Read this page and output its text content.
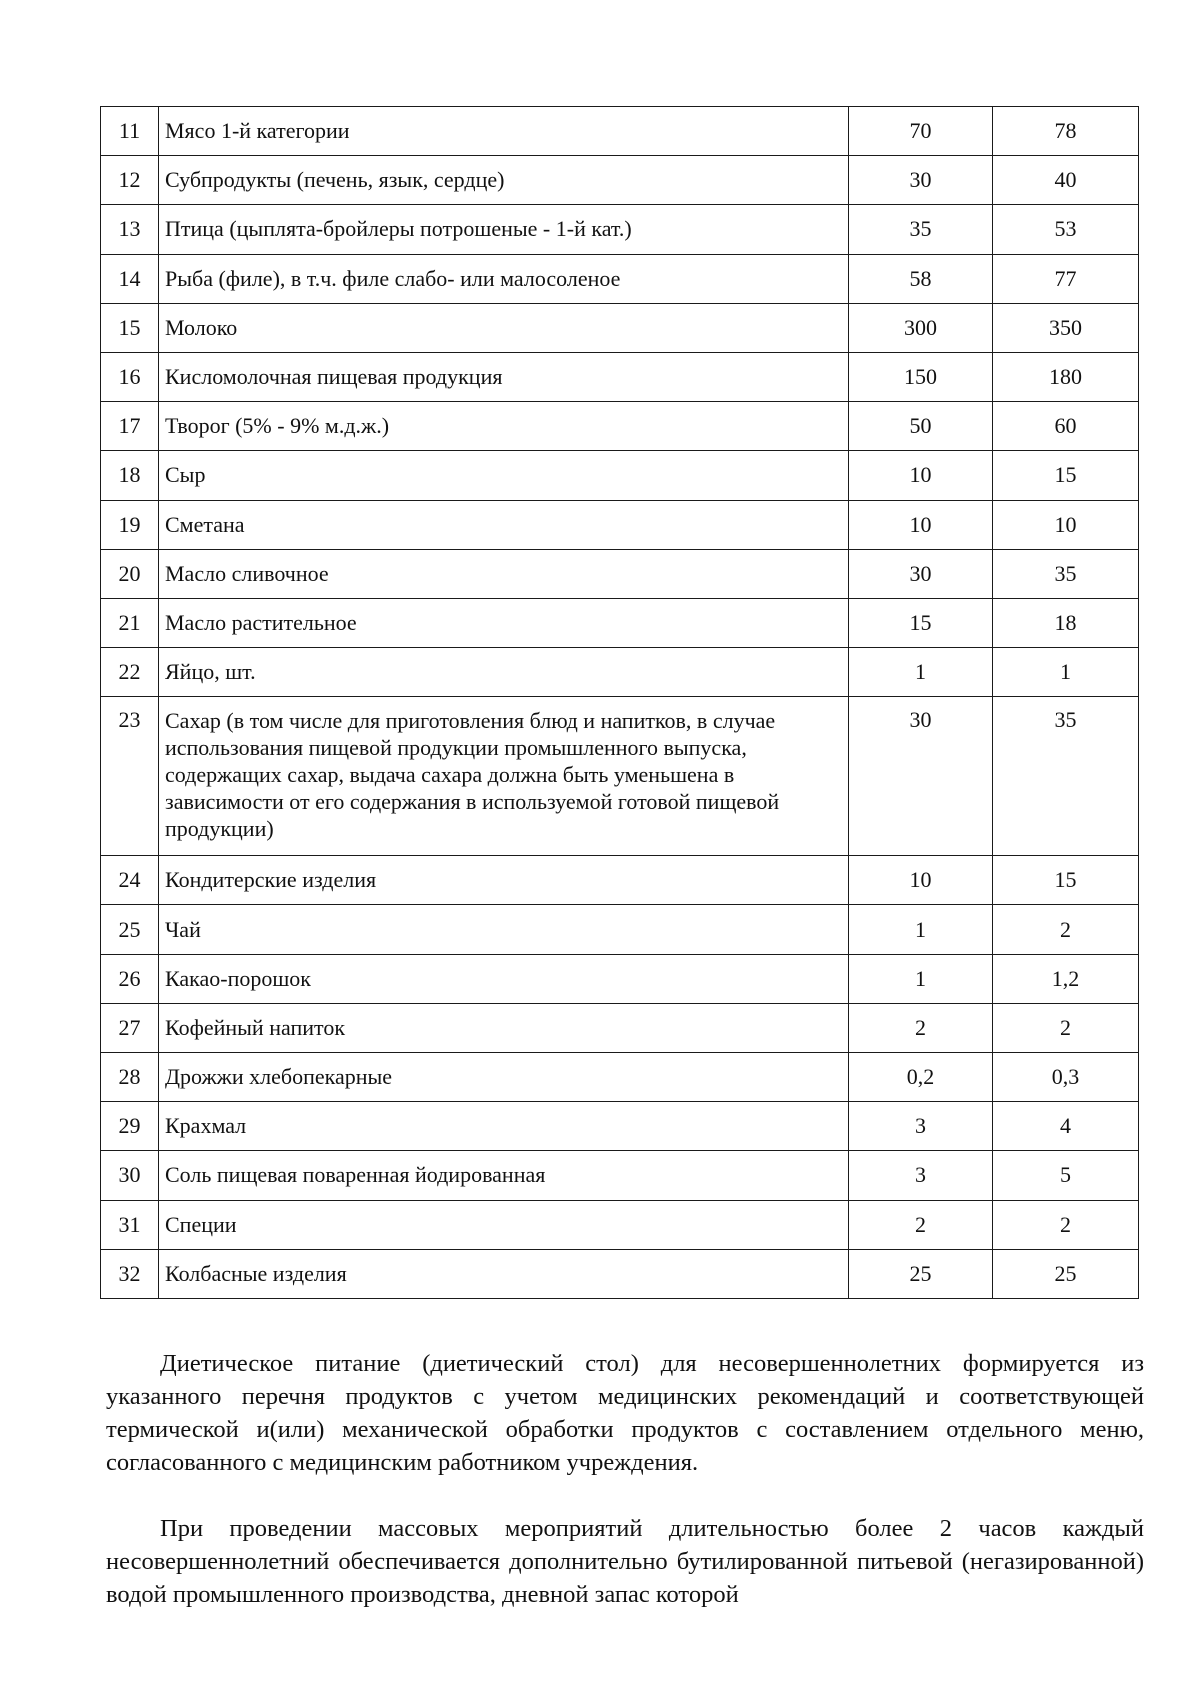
11	Мясо 1-й категории	70	78
12	Субпродукты (печень, язык, сердце)	30	40
13	Птица (цыплята-бройлеры потрошеные - 1-й кат.)	35	53
14	Рыба (филе), в т.ч. филе слабо- или малосоленое	58	77
15	Молоко	300	350
16	Кисломолочная пищевая продукция	150	180
17	Творог (5% - 9% м.д.ж.)	50	60
18	Сыр	10	15
19	Сметана	10	10
20	Масло сливочное	30	35
21	Масло растительное	15	18
22	Яйцо, шт.	1	1
23	Сахар (в том числе для приготовления блюд и напитков, в случае использования пищевой продукции промышленного выпуска, содержащих сахар, выдача сахара должна быть уменьшена в зависимости от его содержания в используемой готовой пищевой продукции)	30	35
24	Кондитерские изделия	10	15
25	Чай	1	2
26	Какао-порошок	1	1,2
27	Кофейный напиток	2	2
28	Дрожжи хлебопекарные	0,2	0,3
29	Крахмал	3	4
30	Соль пищевая поваренная йодированная	3	5
31	Специи	2	2
32	Колбасные изделия	25	25

Диетическое питание (диетический стол) для несовершеннолетних формируется из указанного перечня продуктов с учетом медицинских рекомендаций и соответствующей термической и(или) механической обработки продуктов с составлением отдельного меню, согласованного с медицинским работником учреждения.

При проведении массовых мероприятий длительностью более 2 часов каждый несовершеннолетний обеспечивается дополнительно бутилированной питьевой (негазированной) водой промышленного производства, дневной запас которой
